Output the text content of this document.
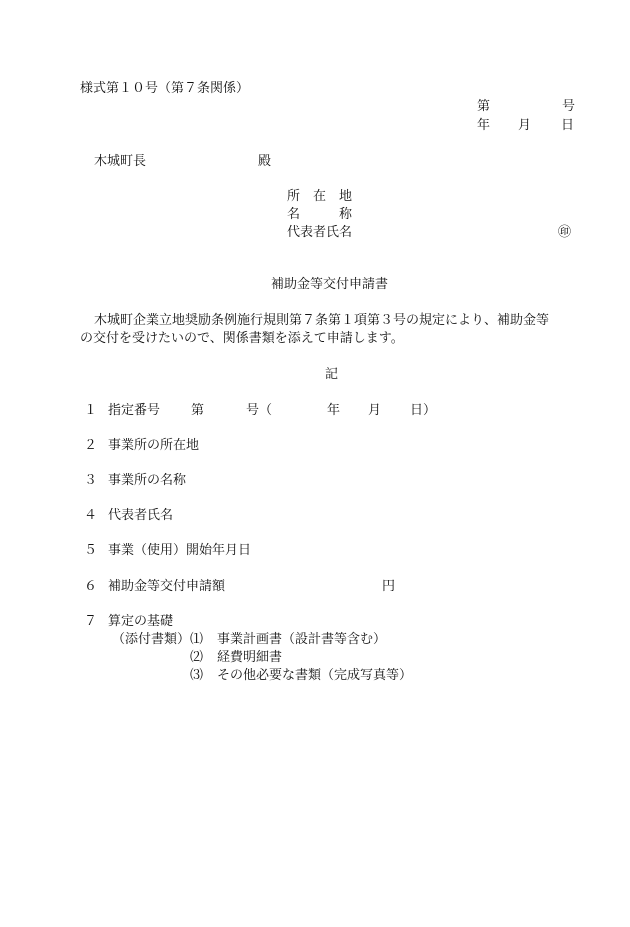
様式第１０号（第７条関係）
第	号
年 月 日
木城町長	殿
所　在　地
名　　　称
代表者氏名	㊞
補助金等交付申請書
木城町企業立地奨励条例施行規則第７条第１項第３号の規定により、補助金等
の交付を受けたいので、関係書類を添えて申請します。
記
１ 指定番号 第	号（	年 月 日）
２ 事業所の所在地
３ 事業所の名称
４ 代表者氏名
５ 事業（使用）開始年月日
６ 補助金等交付申請額	円
７ 算定の基礎
（添付書類） ⑴ 事業計画書（設計書等含む）
⑵ 経費明細書
⑶ その他必要な書類（完成写真等）
